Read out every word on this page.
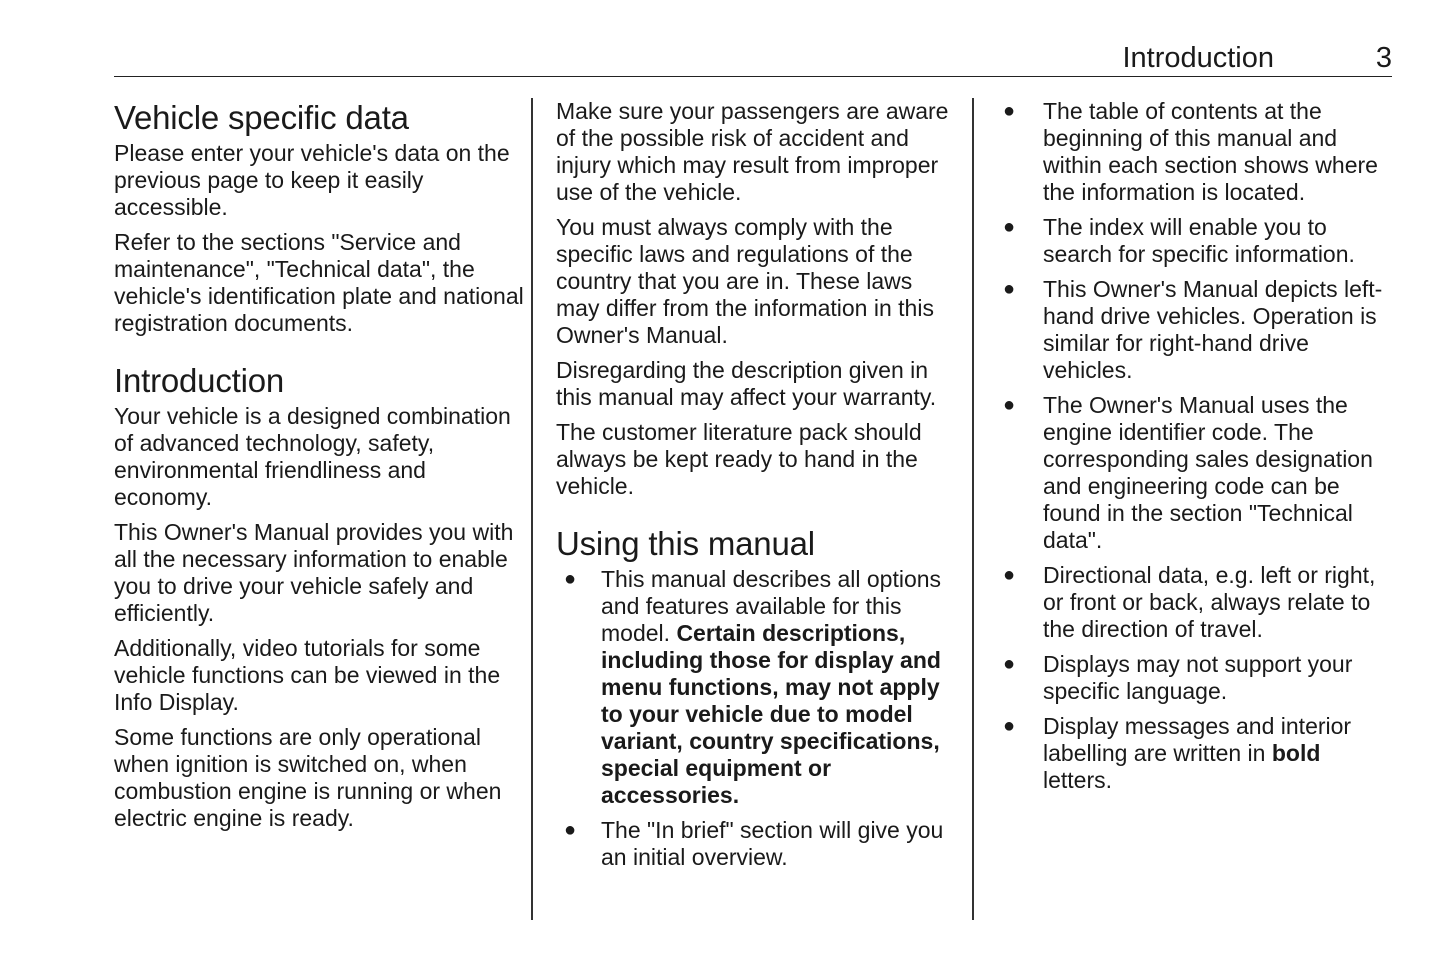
Introduction	3
Vehicle specific data

Please enter your vehicle's data on the previous page to keep it easily accessible.

Refer to the sections "Service and maintenance", "Technical data", the vehicle's identification plate and national registration documents.

Introduction

Your vehicle is a designed combination of advanced technology, safety, environmental friendliness and economy.

This Owner's Manual provides you with all the necessary information to enable you to drive your vehicle safely and efficiently.

Additionally, video tutorials for some vehicle functions can be viewed in the Info Display.

Some functions are only operational when ignition is switched on, when combustion engine is running or when electric engine is ready.

Make sure your passengers are aware of the possible risk of accident and injury which may result from improper use of the vehicle.

You must always comply with the specific laws and regulations of the country that you are in. These laws may differ from the information in this Owner's Manual.

Disregarding the description given in this manual may affect your warranty.

The customer literature pack should always be kept ready to hand in the vehicle.

Using this manual
● This manual describes all options and features available for this model. Certain descriptions, including those for display and menu functions, may not apply to your vehicle due to model variant, country specifications, special equipment or accessories.
● The "In brief" section will give you an initial overview.
● The table of contents at the beginning of this manual and within each section shows where the information is located.
● The index will enable you to search for specific information.
● This Owner's Manual depicts left-hand drive vehicles. Operation is similar for right-hand drive vehicles.
● The Owner's Manual uses the engine identifier code. The corresponding sales designation and engineering code can be found in the section "Technical data".
● Directional data, e.g. left or right, or front or back, always relate to the direction of travel.
● Displays may not support your specific language.
● Display messages and interior labelling are written in bold letters.
